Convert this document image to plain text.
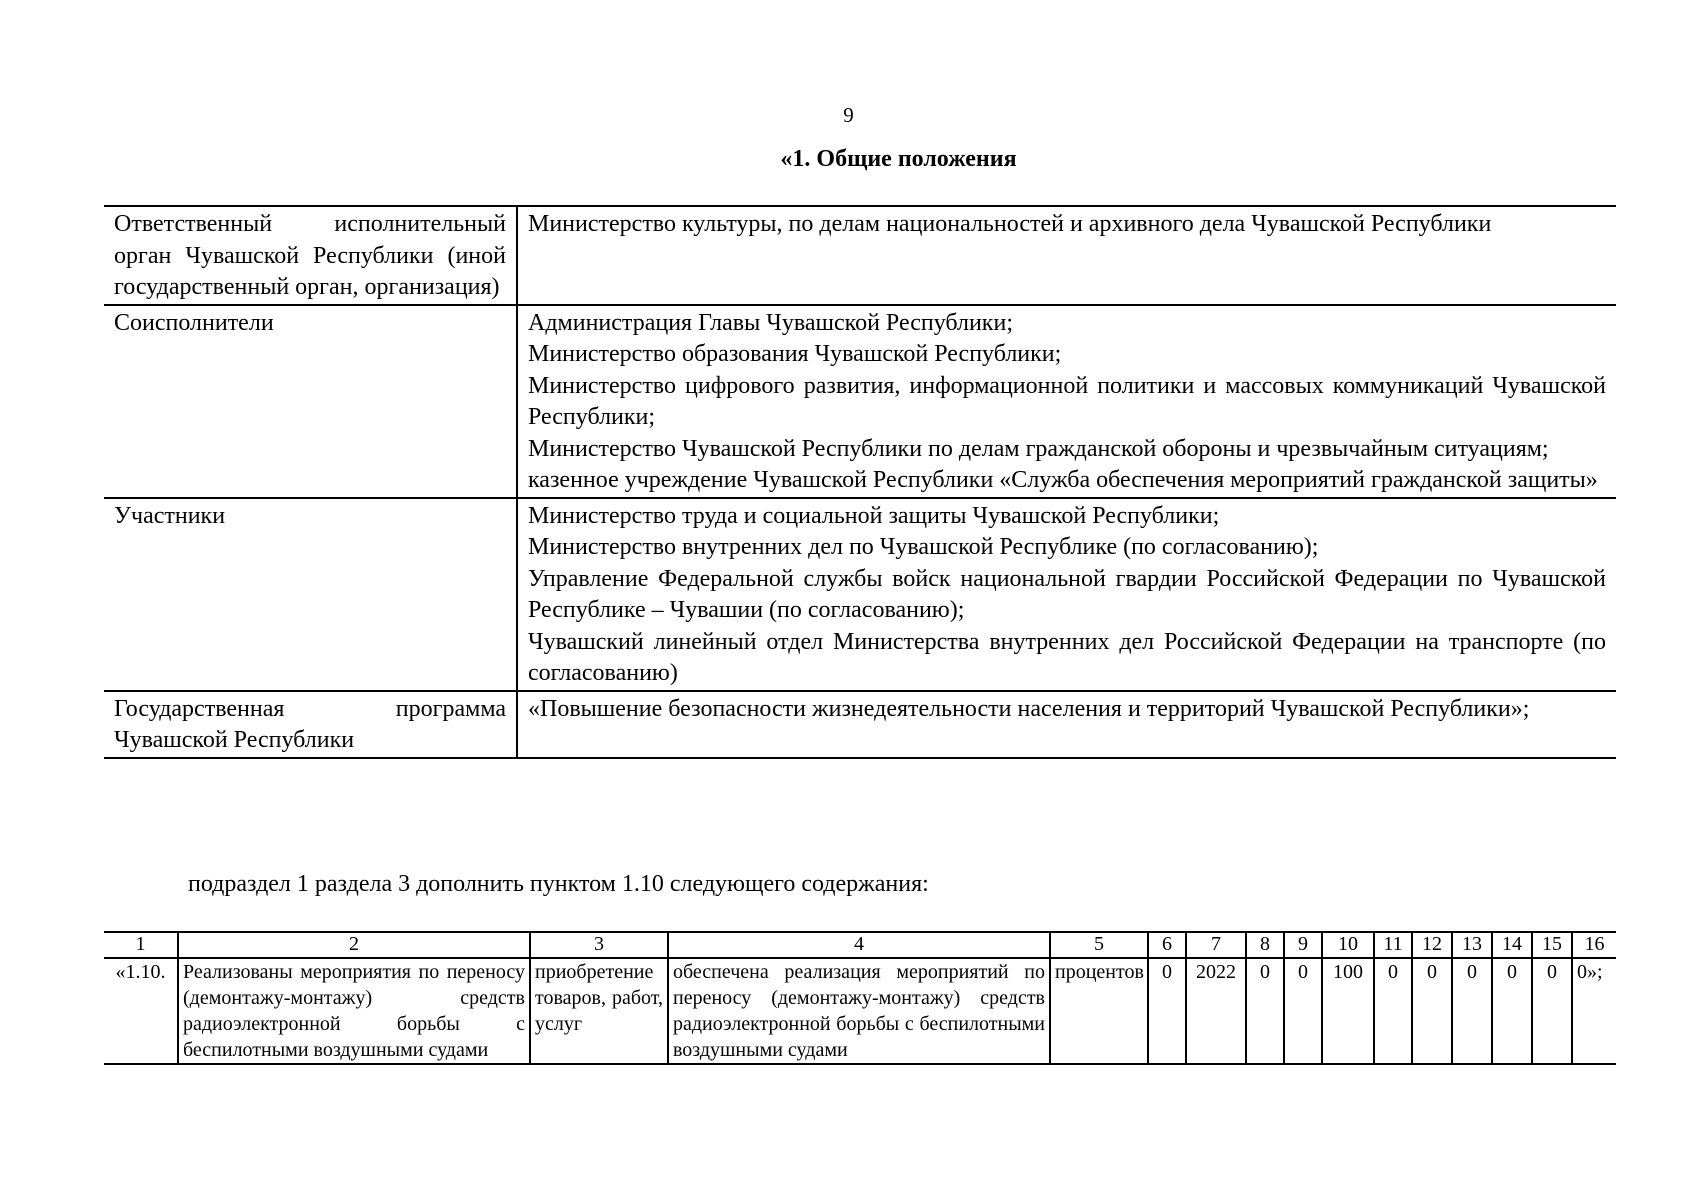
9
«1. Общие положения
Ответственный исполнительный орган Чувашской Республики (иной государственный орган, организация)	Министерство культуры, по делам национальностей и архивного дела Чувашской Республики

Соисполнители	Администрация Главы Чувашской Республики;
Министерство образования Чувашской Республики;
Министерство цифрового развития, информационной политики и массовых коммуникаций Чувашской Республики;
Министерство Чувашской Республики по делам гражданской обороны и чрезвычайным ситуациям;
казенное учреждение Чувашской Республики «Служба обеспечения мероприятий гражданской защиты»

Участники	Министерство труда и социальной защиты Чувашской Республики;
Министерство внутренних дел по Чувашской Республике (по согласованию);
Управление Федеральной службы войск национальной гвардии Российской Федерации по Чувашской Республике – Чувашии (по согласованию);
Чувашский линейный отдел Министерства внутренних дел Российской Федерации на транспорте (по согласованию)

Государственная программа Чувашской Республики	«Повышение безопасности жизнедеятельности населения и территорий Чувашской Республики»;
подраздел 1 раздела 3 дополнить пунктом 1.10 следующего содержания:
1	2	3	4	5	6	7	8	9	10	11	12	13	14	15	16
«1.10.	Реализованы мероприятия по переносу (демонтажу-монтажу) средств радиоэлектронной борьбы с беспилотными воздушными судами	приобретение товаров, работ, услуг	обеспечена реализация мероприятий по переносу (демонтажу-монтажу) средств радиоэлектронной борьбы с беспилотными воздушными судами	процентов	0	2022	0	0	100	0	0	0	0	0	0»;
